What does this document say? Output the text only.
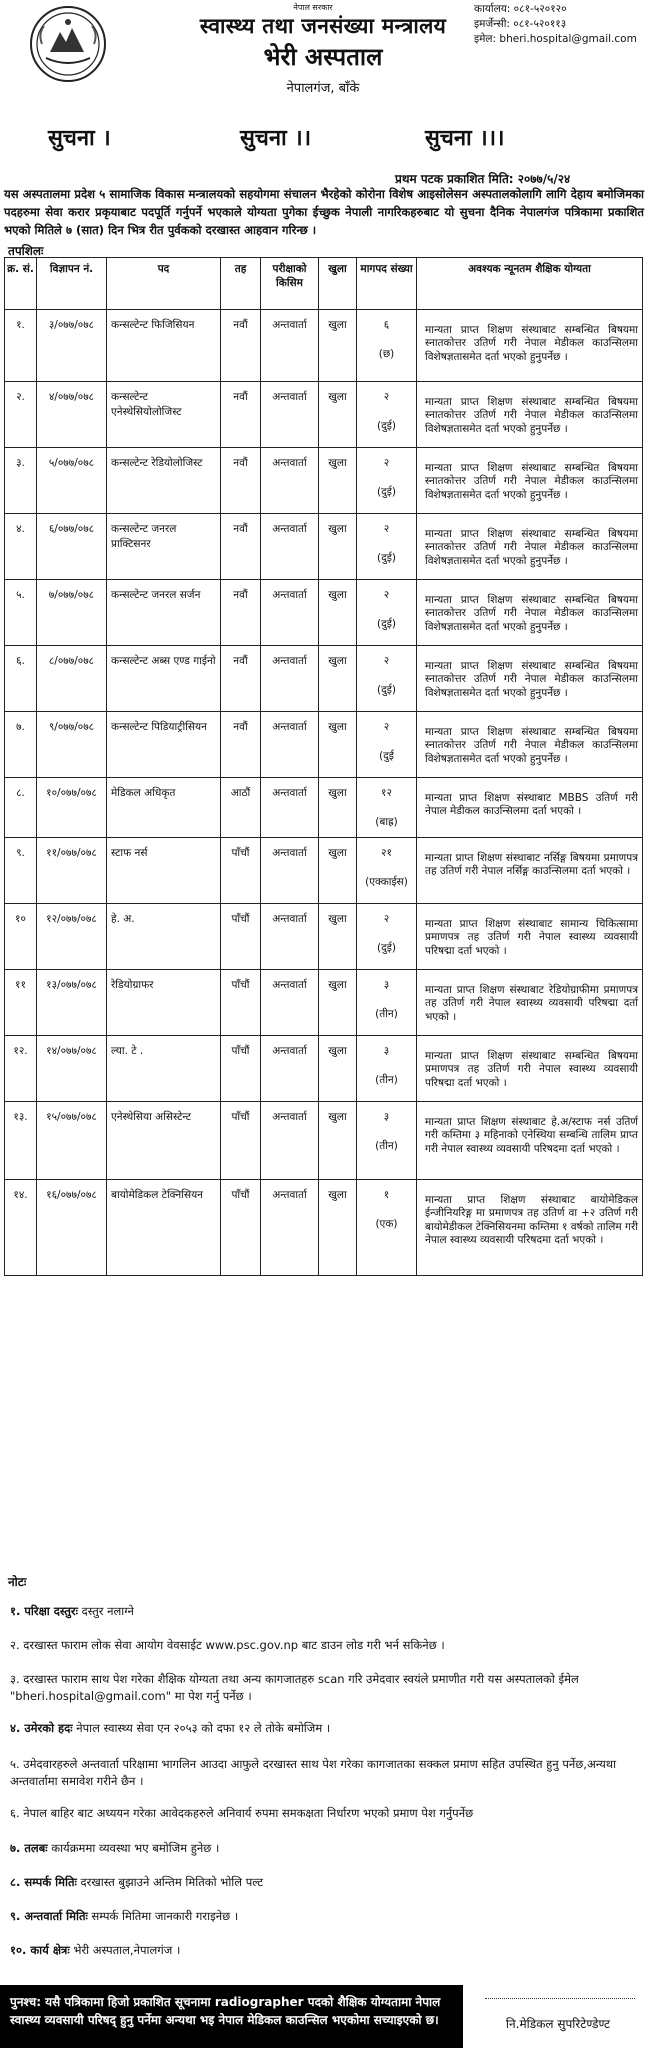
नेपाल सरकार
स्वास्थ्य तथा जनसंख्या मन्त्रालय
भेरी अस्पताल
नेपालगंज, बाँके
कार्यालय: ०८१-५२०१२०
इमर्जेन्सी: ०८१-५२०११३
इमेल: bheri.hospital@gmail.com
सुचना ।	सुचना ।।	सुचना ।।।
प्रथम पटक प्रकाशित मिति: २०७७/५/२४
यस अस्पतालमा प्रदेश ५ सामाजिक विकास मन्त्रालयको सहयोगमा संचालन भैरहेको कोरोना विशेष आइसोलेसन अस्पतालकोलागि लागि देहाय बमोजिमका पदहरुमा सेवा करार प्रकृयाबाट पदपूर्ति गर्नुपर्ने भएकाले योग्यता पुगेका ईच्छुक नेपाली नागरिकहरुबाट यो सुचना दैनिक नेपालगंज पत्रिकामा प्रकाशित भएको मितिले ७ (सात) दिन भित्र रीत पुर्वकको दरखास्त आहवान गरिन्छ ।
तपशिलः
क्र. सं.	विज्ञापन नं.	पद	तह	परीक्षाको किसिम	खुला	मागपद संख्या	अवश्यक न्यूनतम शैक्षिक योग्यता
१.	३/०७७/०७८	कन्सल्टेन्ट फिजिसियन	नवौं	अन्तवार्ता	खुला	६
(छ)	मान्यता प्राप्त शिक्षण संस्थाबाट सम्बन्धित बिषयमा स्नातकोत्तर उतिर्ण गरी नेपाल मेडीकल काउन्सिलमा विशेषज्ञतासमेत दर्ता भएको हुनुपर्नेछ ।
२.	४/०७७/०७८	कन्सल्टेन्ट एनेस्थेसियोलोजिस्ट	नवौं	अन्तवार्ता	खुला	२
(दुई)	मान्यता प्राप्त शिक्षण संस्थाबाट सम्बन्धित बिषयमा स्नातकोत्तर उतिर्ण गरी नेपाल मेडीकल काउन्सिलमा विशेषज्ञतासमेत दर्ता भएको हुनुपर्नेछ ।
३.	५/०७७/०७८	कन्सल्टेन्ट रेडियोलोजिस्ट	नवौं	अन्तवार्ता	खुला	२
(दुई)	मान्यता प्राप्त शिक्षण संस्थाबाट सम्बन्धित बिषयमा स्नातकोत्तर उतिर्ण गरी नेपाल मेडीकल काउन्सिलमा विशेषज्ञतासमेत दर्ता भएको हुनुपर्नेछ ।
४.	६/०७७/०७८	कन्सल्टेन्ट जनरल प्राक्टिसनर	नवौं	अन्तवार्ता	खुला	२
(दुई)	मान्यता प्राप्त शिक्षण संस्थाबाट सम्बन्धित बिषयमा स्नातकोत्तर उतिर्ण गरी नेपाल मेडीकल काउन्सिलमा विशेषज्ञतासमेत दर्ता भएको हुनुपर्नेछ ।
५.	७/०७७/०७८	कन्सल्टेन्ट जनरल सर्जन	नवौं	अन्तवार्ता	खुला	२
(दुई)	मान्यता प्राप्त शिक्षण संस्थाबाट सम्बन्धित बिषयमा स्नातकोत्तर उतिर्ण गरी नेपाल मेडीकल काउन्सिलमा विशेषज्ञतासमेत दर्ता भएको हुनुपर्नेछ ।
६.	८/०७७/०७८	कन्सल्टेन्ट अब्स एण्ड गाईनो	नवौं	अन्तवार्ता	खुला	२
(दुई)	मान्यता प्राप्त शिक्षण संस्थाबाट सम्बन्धित बिषयमा स्नातकोत्तर उतिर्ण गरी नेपाल मेडीकल काउन्सिलमा विशेषज्ञतासमेत दर्ता भएको हुनुपर्नेछ ।
७.	९/०७७/०७८	कन्सल्टेन्ट पिडियाट्रीसियन	नवौं	अन्तवार्ता	खुला	२
(दुई	मान्यता प्राप्त शिक्षण संस्थाबाट सम्बन्धित बिषयमा स्नातकोत्तर उतिर्ण गरी नेपाल मेडीकल काउन्सिलमा विशेषज्ञतासमेत दर्ता भएको हुनुपर्नेछ ।
८.	१०/०७७/०७८	मेडिकल अधिकृत	आठौं	अन्तवार्ता	खुला	१२
(बाह्र)	मान्यता प्राप्त शिक्षण संस्थाबाट MBBS उतिर्ण गरी नेपाल मेडीकल काउन्सिलमा दर्ता भएको ।
९.	११/०७७/०७८	स्टाफ नर्स	पाँचौं	अन्तवार्ता	खुला	२१
(एक्काईस)	मान्यता प्राप्त शिक्षण संस्थाबाट नर्सिङ्ग बिषयमा प्रमाणपत्र तह उतिर्ण गरी नेपाल नर्सिङ्ग काउन्सिलमा दर्ता भएको ।
१०	१२/०७७/०७८	हे. अ.	पाँचौं	अन्तवार्ता	खुला	२
(दुई)	मान्यता प्राप्त शिक्षण संस्थाबाट सामान्य चिकित्सामा प्रमाणपत्र तह उतिर्ण गरी नेपाल स्वास्थ्य व्यवसायी परिषद्मा दर्ता भएको ।
११	१३/०७७/०७८	रेडियोग्राफर	पाँचौं	अन्तवार्ता	खुला	३
(तीन)	मान्यता प्राप्त शिक्षण संस्थाबाट रेडियोग्राफीमा प्रमाणपत्र तह उतिर्ण गरी नेपाल स्वास्थ्य व्यवसायी परिषद्मा दर्ता भएको ।
१२.	१४/०७७/०७८	ल्या. टे .	पाँचौं	अन्तवार्ता	खुला	३
(तीन)	मान्यता प्राप्त शिक्षण संस्थाबाट सम्बन्धित बिषयमा प्रमाणपत्र तह उतिर्ण गरी नेपाल स्वास्थ्य व्यवसायी परिषद्मा दर्ता भएको ।
१३.	१५/०७७/०७८	एनेस्थेसिया असिस्टेन्ट	पाँचौं	अन्तवार्ता	खुला	३
(तीन)	मान्यता प्राप्त शिक्षण संस्थाबाट हे.अ/स्टाफ नर्स उतिर्ण गरी कम्तिमा ३ महिनाको एनेस्थिया सम्बन्धि तालिम प्राप्त गरी नेपाल स्वास्थ्य व्यवसायी परिषदमा दर्ता भएको ।
१४.	१६/०७७/०७८	बायोमेडिकल टेक्निसियन	पाँचौं	अन्तवार्ता	खुला	१
(एक)	मान्यता प्राप्त शिक्षण संस्थाबाट बायोमेडिकल ईन्जीनियरिङ्ग मा प्रमाणपत्र तह उतिर्ण वा +२ उतिर्ण गरी बायोमेडीकल टेक्निसियनमा कम्तिमा १ वर्षको तालिम गरी नेपाल स्वास्थ्य व्यवसायी परिषदमा दर्ता भएको ।
नोटः
१. परिक्षा दस्तुरः दस्तुर नलाग्ने
२. दरखास्त फाराम लोक सेवा आयोग वेवसाईट www.psc.gov.np बाट डाउन लोड गरी भर्न सकिनेछ ।
३. दरखास्त फाराम साथ पेश गरेका शैक्षिक योग्यता तथा अन्य कागजातहरु scan गरि उमेदवार स्वयंले प्रमाणीत गरी यस अस्पतालको ईमेल "bheri.hospital@gmail.com" मा पेश गर्नु पर्नेछ ।
४. उमेरको हदः नेपाल स्वास्थ्य सेवा एन २०५३ को दफा १२ ले तोके बमोजिम ।
५. उमेदवारहरुले अन्तवार्ता परिक्षामा भागलिन आउदा आफुले दरखास्त साथ पेश गरेका कागजातका सक्कल प्रमाण सहित उपस्थित हुनु पर्नेछ,अन्यथा अन्तवार्तामा समावेश गरीने छैन ।
६. नेपाल बाहिर बाट अध्ययन गरेका आवेदकहरुले अनिवार्य रुपमा समकक्षता निर्धारण भएको प्रमाण पेश गर्नुपर्नेछ
७. तलबः कार्यक्रममा व्यवस्था भए बमोजिम हुनेछ ।
८. सम्पर्क मितिः दरखास्त बुझाउने अन्तिम मितिको भोलि पल्ट
९. अन्तवार्ता मितिः सम्पर्क मितिमा जानकारी गराइनेछ ।
१०. कार्य क्षेत्रः भेरी अस्पताल,नेपालगंज ।
पुनश्च: यसै पत्रिकामा हिजो प्रकाशित सूचनामा radiographer पदको शैक्षिक योग्यतामा नेपाल स्वास्थ्य व्यवसायी परिषद् हुनु पर्नेमा अन्यथा भइ नेपाल मेडिकल काउन्सिल भएकोमा सच्याइएको छ।	नि.मेडिकल सुपरिटेण्डेण्ट
